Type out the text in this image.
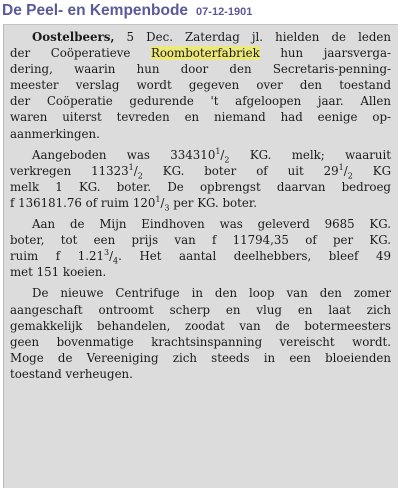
De Peel- en Kempenbode 07-12-1901
Oostelbeers, 5 Dec. Zaterdag jl. hielden de leden
der Coöperatieve Roomboterfabriek hun jaarsverga-
dering, waarin hun door den Secretaris-penning-
meester verslag wordt gegeven over den toestand
der Coöperatie gedurende 't afgeloopen jaar. Allen
waren uiterst tevreden en niemand had eenige op-
aanmerkingen.
Aangeboden was $334310^1/_2$ KG. melk; waaruit
verkregen $11323^1/_2$ KG. boter of uit $29^1/_2$ KG
melk 1 KG. boter. De opbrengst daarvan bedroeg
f 136181.76 of ruim $120^1/_3$ per KG. boter.
Aan de Mijn Eindhoven was geleverd 9685 KG.
boter, tot een prijs van f 11794,35 of per KG.
ruim f $1.21^3/_4$. Het aantal deelhebbers, bleef 49
met 151 koeien.
De nieuwe Centrifuge in den loop van den zomer
aangeschaft ontroomt scherp en vlug en laat zich
gemakkelijk behandelen, zoodat van de botermeesters
geen bovenmatige krachtsinspanning vereischt wordt.
Moge de Vereeniging zich steeds in een bloeienden
toestand verheugen.
